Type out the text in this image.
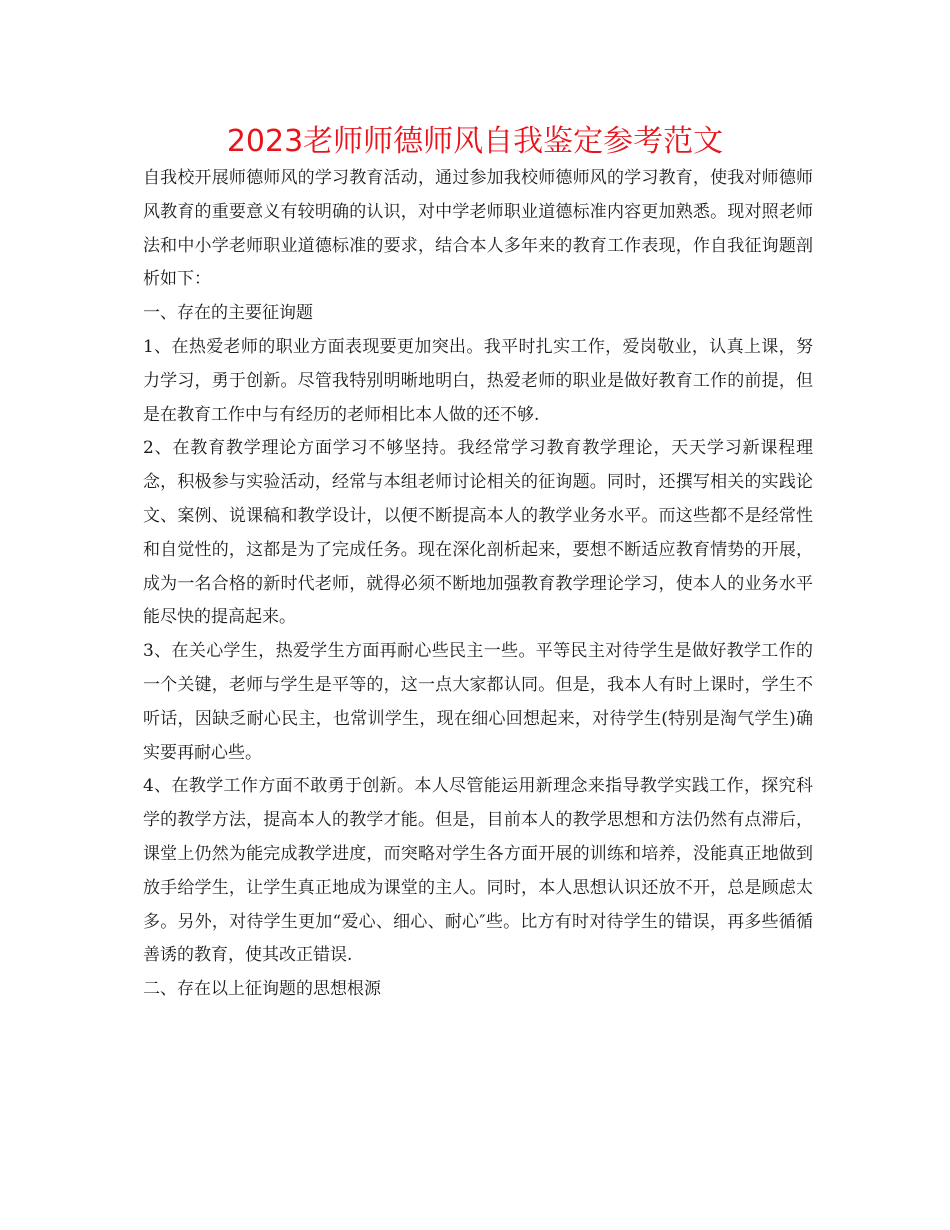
2023老师师德师风自我鉴定参考范文

自我校开展师德师风的学习教育活动，通过参加我校师德师风的学习教育，使我对师德师风教育的重要意义有较明确的认识，对中学老师职业道德标准内容更加熟悉。现对照老师法和中小学老师职业道德标准的要求，结合本人多年来的教育工作表现，作自我征询题剖析如下：

一、存在的主要征询题

1、在热爱老师的职业方面表现要更加突出。我平时扎实工作，爱岗敬业，认真上课，努力学习，勇于创新。尽管我特别明晰地明白，热爱老师的职业是做好教育工作的前提，但是在教育工作中与有经历的老师相比本人做的还不够.

2、在教育教学理论方面学习不够坚持。我经常学习教育教学理论，天天学习新课程理念，积极参与实验活动，经常与本组老师讨论相关的征询题。同时，还撰写相关的实践论文、案例、说课稿和教学设计，以便不断提高本人的教学业务水平。而这些都不是经常性和自觉性的，这都是为了完成任务。现在深化剖析起来，要想不断适应教育情势的开展，成为一名合格的新时代老师，就得必须不断地加强教育教学理论学习，使本人的业务水平能尽快的提高起来。

3、在关心学生，热爱学生方面再耐心些民主一些。平等民主对待学生是做好教学工作的一个关键，老师与学生是平等的，这一点大家都认同。但是，我本人有时上课时，学生不听话，因缺乏耐心民主，也常训学生，现在细心回想起来，对待学生(特别是淘气学生)确实要再耐心些。

4、在教学工作方面不敢勇于创新。本人尽管能运用新理念来指导教学实践工作，探究科学的教学方法，提高本人的教学才能。但是，目前本人的教学思想和方法仍然有点滞后，课堂上仍然为能完成教学进度，而突略对学生各方面开展的训练和培养，没能真正地做到放手给学生，让学生真正地成为课堂的主人。同时，本人思想认识还放不开，总是顾虑太多。另外，对待学生更加“爱心、细心、耐心″些。比方有时对待学生的错误，再多些循循善诱的教育，使其改正错误.

二、存在以上征询题的思想根源
